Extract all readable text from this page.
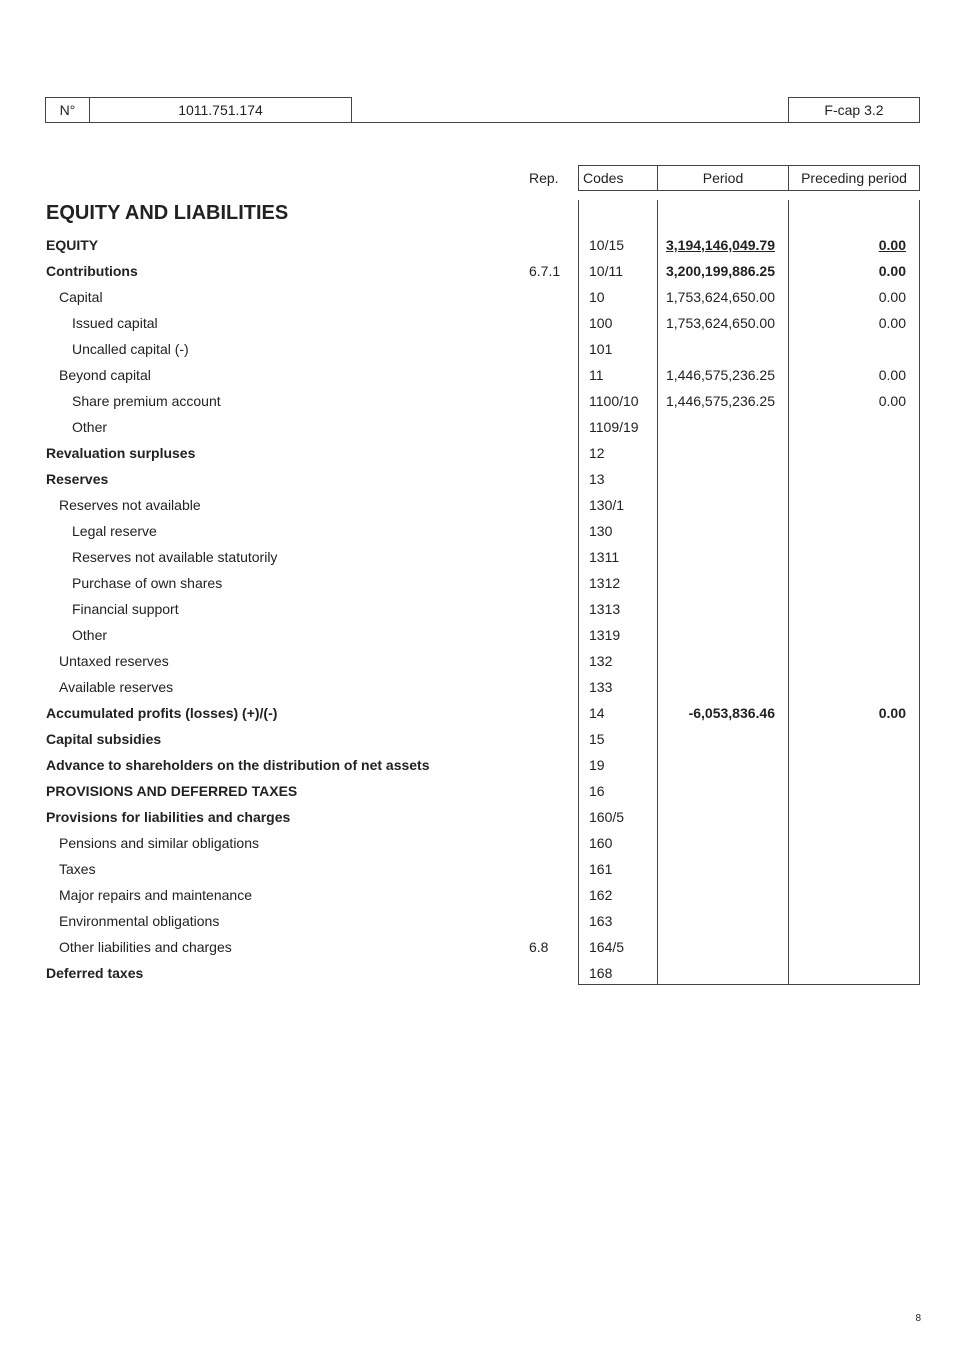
N°	1011.751.174	F-cap 3.2
Rep. Codes	Period	Preceding period
EQUITY AND LIABILITIES
EQUITY	10/15	3,194,146,049.79	0.00
Contributions	6.7.1 10/11	3,200,199,886.25	0.00
Capital	10	1,753,624,650.00	0.00
Issued capital	100	1,753,624,650.00	0.00
Uncalled capital (-)	101
Beyond capital	11	1,446,575,236.25	0.00
Share premium account	1100/10 1,446,575,236.25	0.00
Other	1109/19
Revaluation surpluses	12
Reserves	13
Reserves not available	130/1
Legal reserve	130
Reserves not available statutorily	1311
Purchase of own shares	1312
Financial support	1313
Other	1319
Untaxed reserves	132
Available reserves	133
Accumulated profits (losses) (+)/(-)	14	-6,053,836.46	0.00
Capital subsidies	15
Advance to shareholders on the distribution of net assets	19
PROVISIONS AND DEFERRED TAXES	16
Provisions for liabilities and charges	160/5
Pensions and similar obligations	160
Taxes	161
Major repairs and maintenance	162
Environmental obligations	163
Other liabilities and charges	6.8	164/5
Deferred taxes	168
8
